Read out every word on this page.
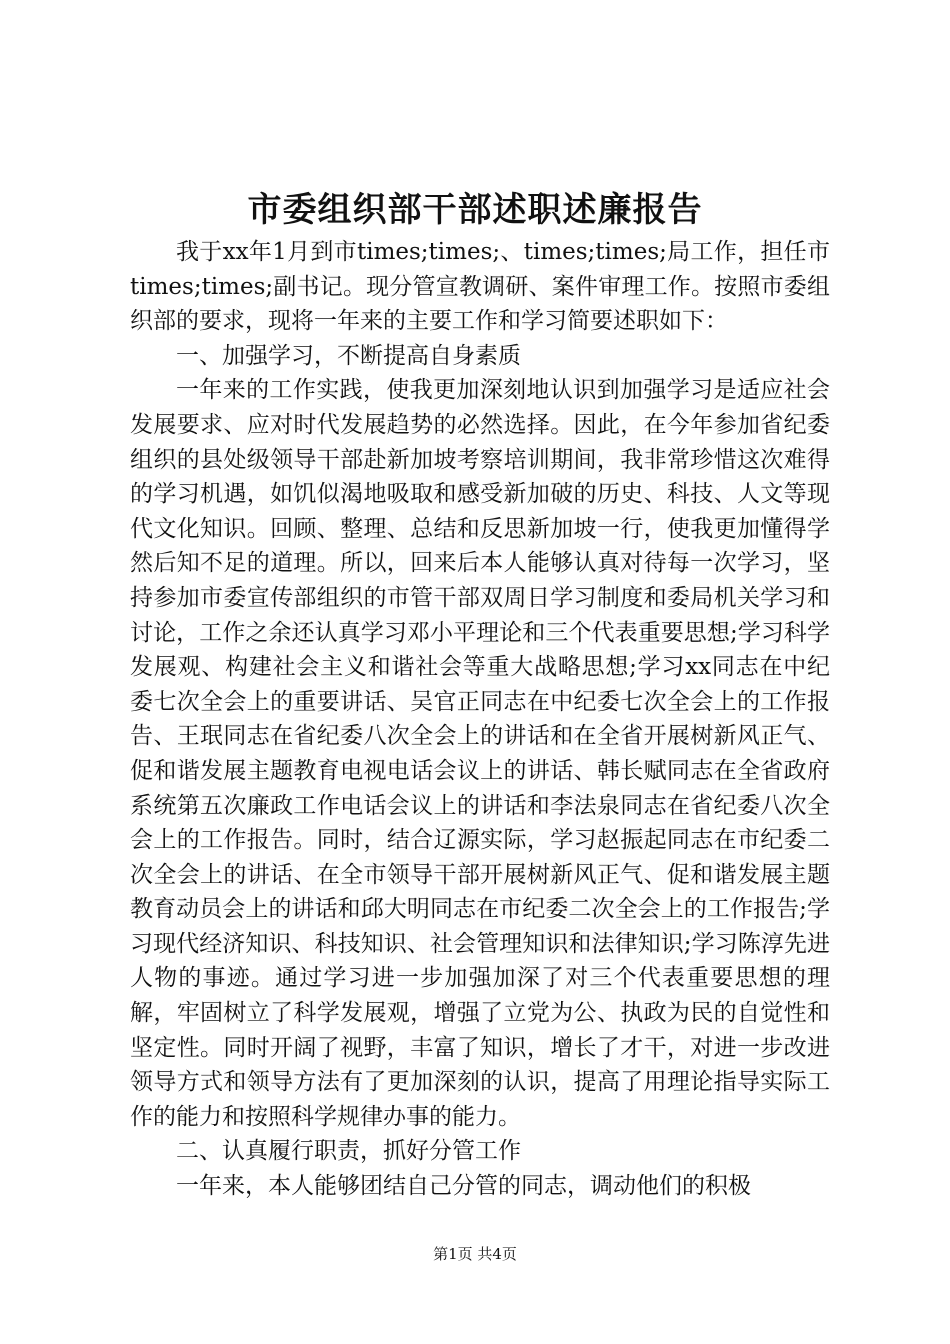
市委组织部干部述职述廉报告

我于xx年1月到市times;times;、times;times;局工作，担任市times;times;副书记。现分管宣教调研、案件审理工作。按照市委组织部的要求，现将一年来的主要工作和学习简要述职如下：

一、加强学习，不断提高自身素质

一年来的工作实践，使我更加深刻地认识到加强学习是适应社会发展要求、应对时代发展趋势的必然选择。因此，在今年参加省纪委组织的县处级领导干部赴新加坡考察培训期间，我非常珍惜这次难得的学习机遇，如饥似渴地吸取和感受新加破的历史、科技、人文等现代文化知识。回顾、整理、总结和反思新加坡一行，使我更加懂得学然后知不足的道理。所以，回来后本人能够认真对待每一次学习，坚持参加市委宣传部组织的市管干部双周日学习制度和委局机关学习和讨论，工作之余还认真学习邓小平理论和三个代表重要思想;学习科学发展观、构建社会主义和谐社会等重大战略思想;学习xx同志在中纪委七次全会上的重要讲话、吴官正同志在中纪委七次全会上的工作报告、王珉同志在省纪委八次全会上的讲话和在全省开展树新风正气、促和谐发展主题教育电视电话会议上的讲话、韩长赋同志在全省政府系统第五次廉政工作电话会议上的讲话和李法泉同志在省纪委八次全会上的工作报告。同时，结合辽源实际，学习赵振起同志在市纪委二次全会上的讲话、在全市领导干部开展树新风正气、促和谐发展主题教育动员会上的讲话和邱大明同志在市纪委二次全会上的工作报告;学习现代经济知识、科技知识、社会管理知识和法律知识;学习陈淳先进人物的事迹。通过学习进一步加强加深了对三个代表重要思想的理解，牢固树立了科学发展观，增强了立党为公、执政为民的自觉性和坚定性。同时开阔了视野，丰富了知识，增长了才干，对进一步改进领导方式和领导方法有了更加深刻的认识，提高了用理论指导实际工作的能力和按照科学规律办事的能力。

二、认真履行职责，抓好分管工作

一年来，本人能够团结自己分管的同志，调动他们的积极

第1页 共4页
